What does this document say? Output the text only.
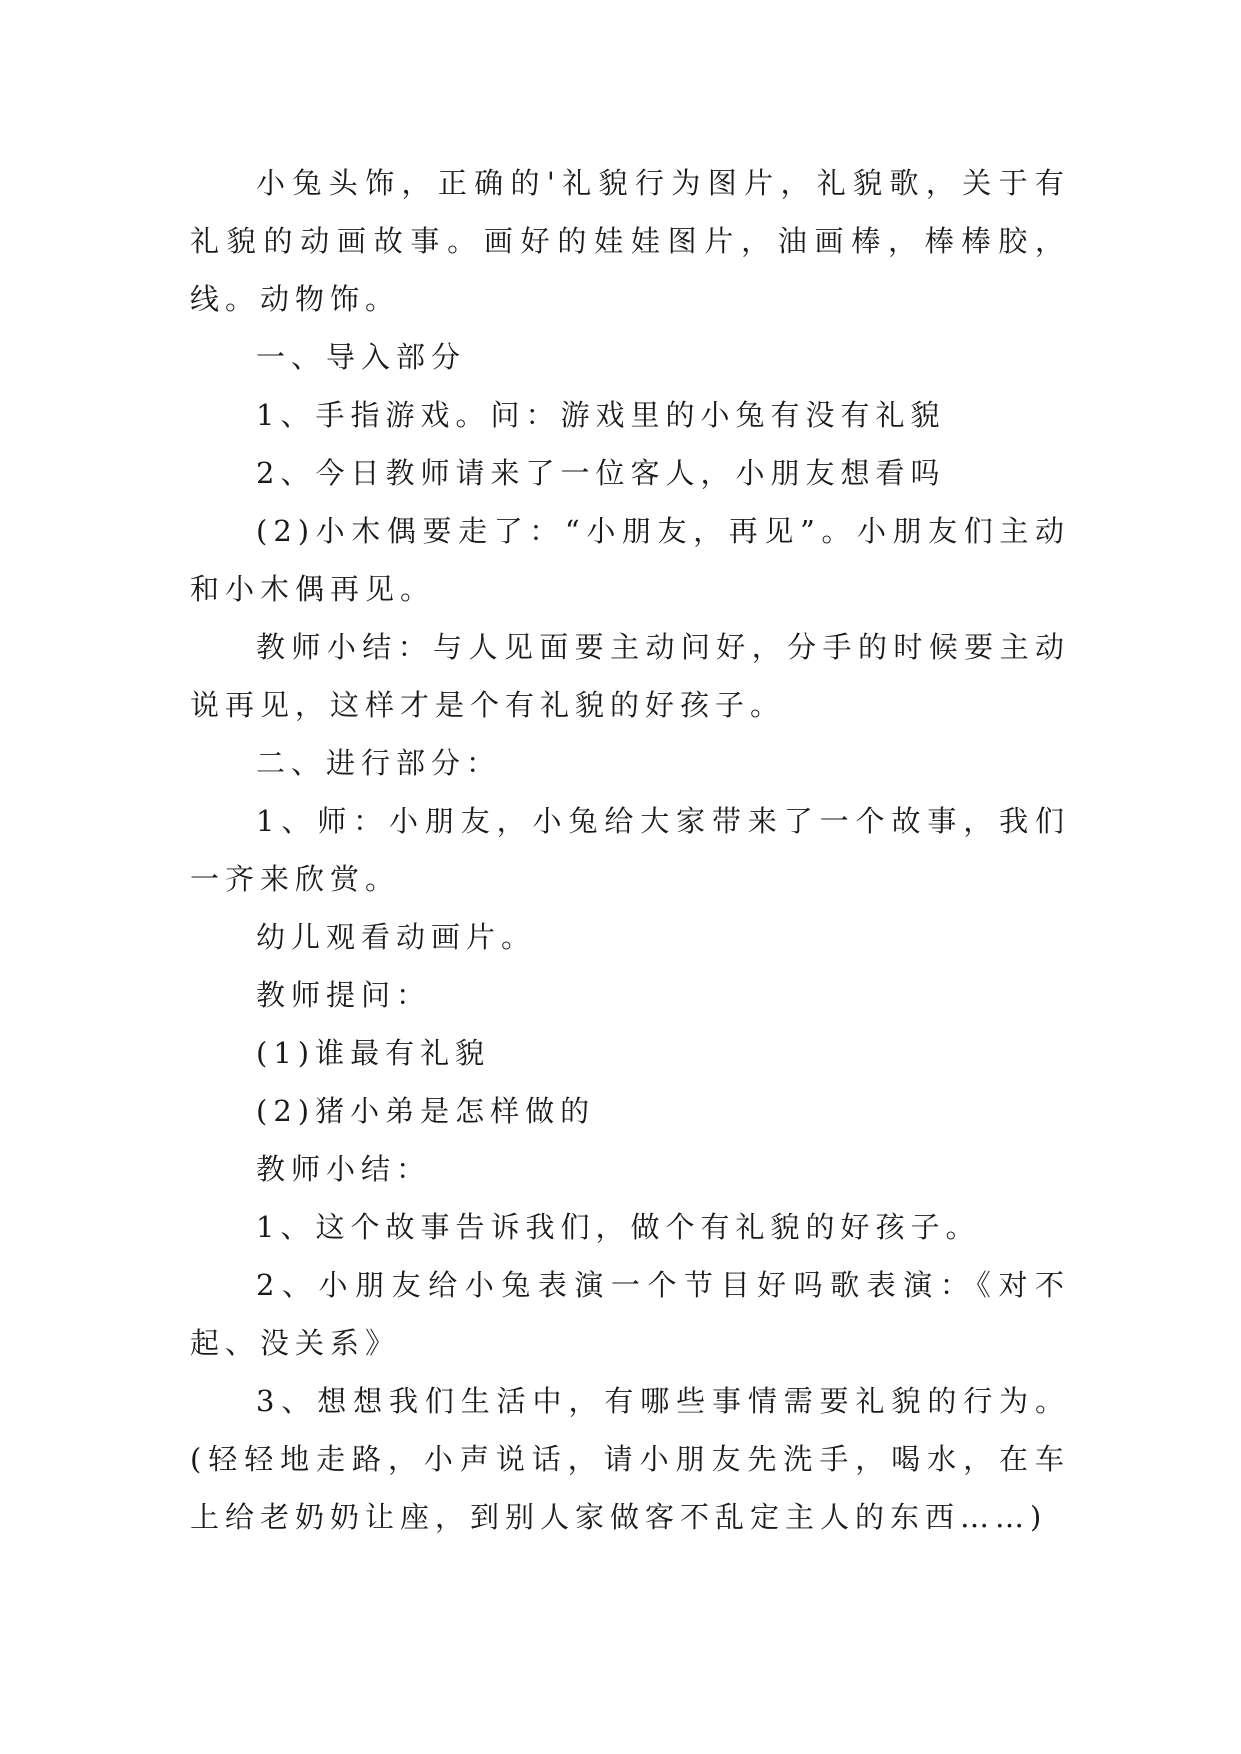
小兔头饰，正确的'礼貌行为图片，礼貌歌，关于有礼貌的动画故事。画好的娃娃图片，油画棒，棒棒胶，线。动物饰。

一、导入部分

1、手指游戏。问：游戏里的小兔有没有礼貌

2、今日教师请来了一位客人，小朋友想看吗

(2)小木偶要走了：“小朋友，再见”。小朋友们主动和小木偶再见。

教师小结：与人见面要主动问好，分手的时候要主动说再见，这样才是个有礼貌的好孩子。

二、进行部分：

1、师：小朋友，小兔给大家带来了一个故事，我们一齐来欣赏。

幼儿观看动画片。

教师提问：

(1)谁最有礼貌

(2)猪小弟是怎样做的

教师小结：

1、这个故事告诉我们，做个有礼貌的好孩子。

2、小朋友给小兔表演一个节目好吗歌表演：《对不起、没关系》

3、想想我们生活中，有哪些事情需要礼貌的行为。(轻轻地走路，小声说话，请小朋友先洗手，喝水，在车上给老奶奶让座，到别人家做客不乱定主人的东西……)
